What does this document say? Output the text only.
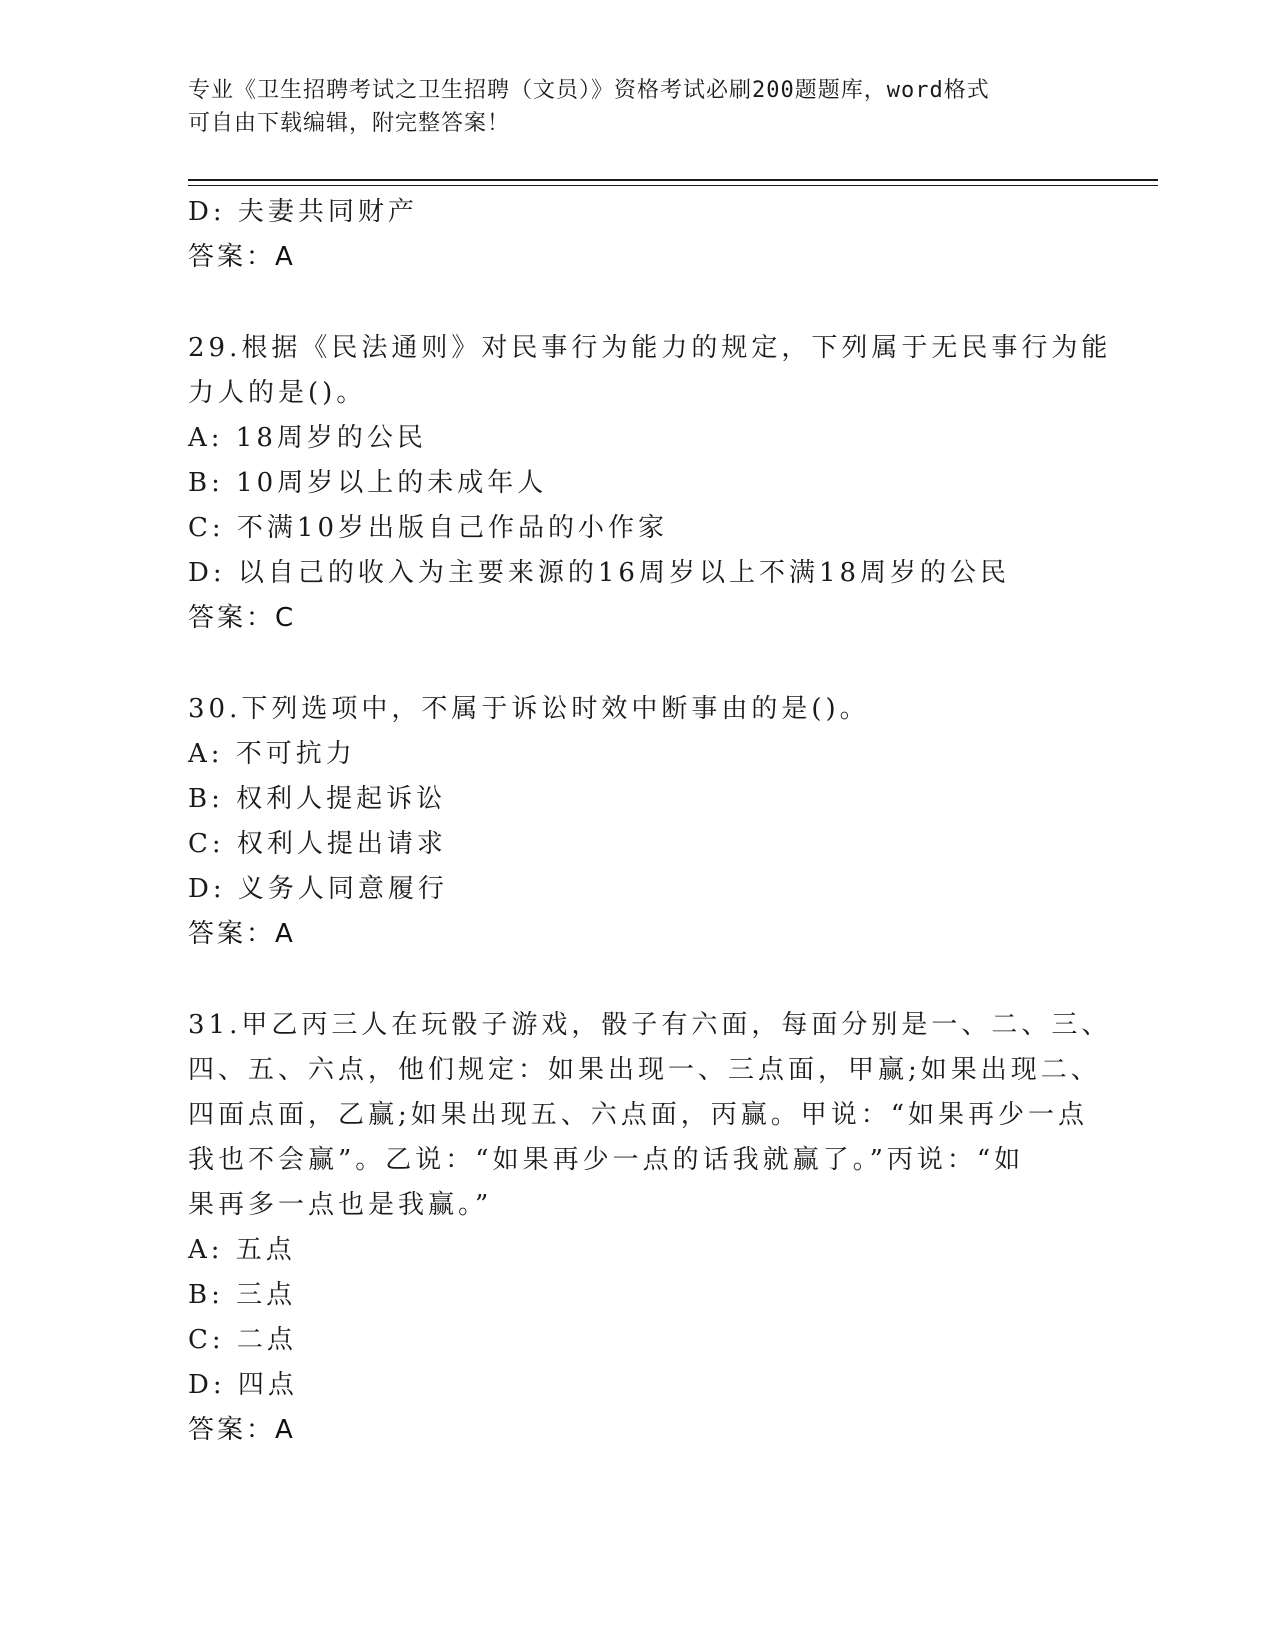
专业《卫生招聘考试之卫生招聘（文员）》资格考试必刷200题题库，word格式
可自由下载编辑，附完整答案！
D: 夫妻共同财产
答案：A
29.根据《民法通则》对民事行为能力的规定，下列属于无民事行为能
力人的是()。
A: 18周岁的公民
B: 10周岁以上的未成年人
C: 不满10岁出版自己作品的小作家
D: 以自己的收入为主要来源的16周岁以上不满18周岁的公民
答案：C
30.下列选项中，不属于诉讼时效中断事由的是()。
A: 不可抗力
B: 权利人提起诉讼
C: 权利人提出请求
D: 义务人同意履行
答案：A
31.甲乙丙三人在玩骰子游戏，骰子有六面，每面分别是一、二、三、
四、五、六点，他们规定：如果出现一、三点面，甲赢;如果出现二、
四面点面，乙赢;如果出现五、六点面，丙赢。甲说：“如果再少一点
我也不会赢”。乙说：“如果再少一点的话我就赢了。”丙说：“如
果再多一点也是我赢。”
A: 五点
B: 三点
C: 二点
D: 四点
答案：A
